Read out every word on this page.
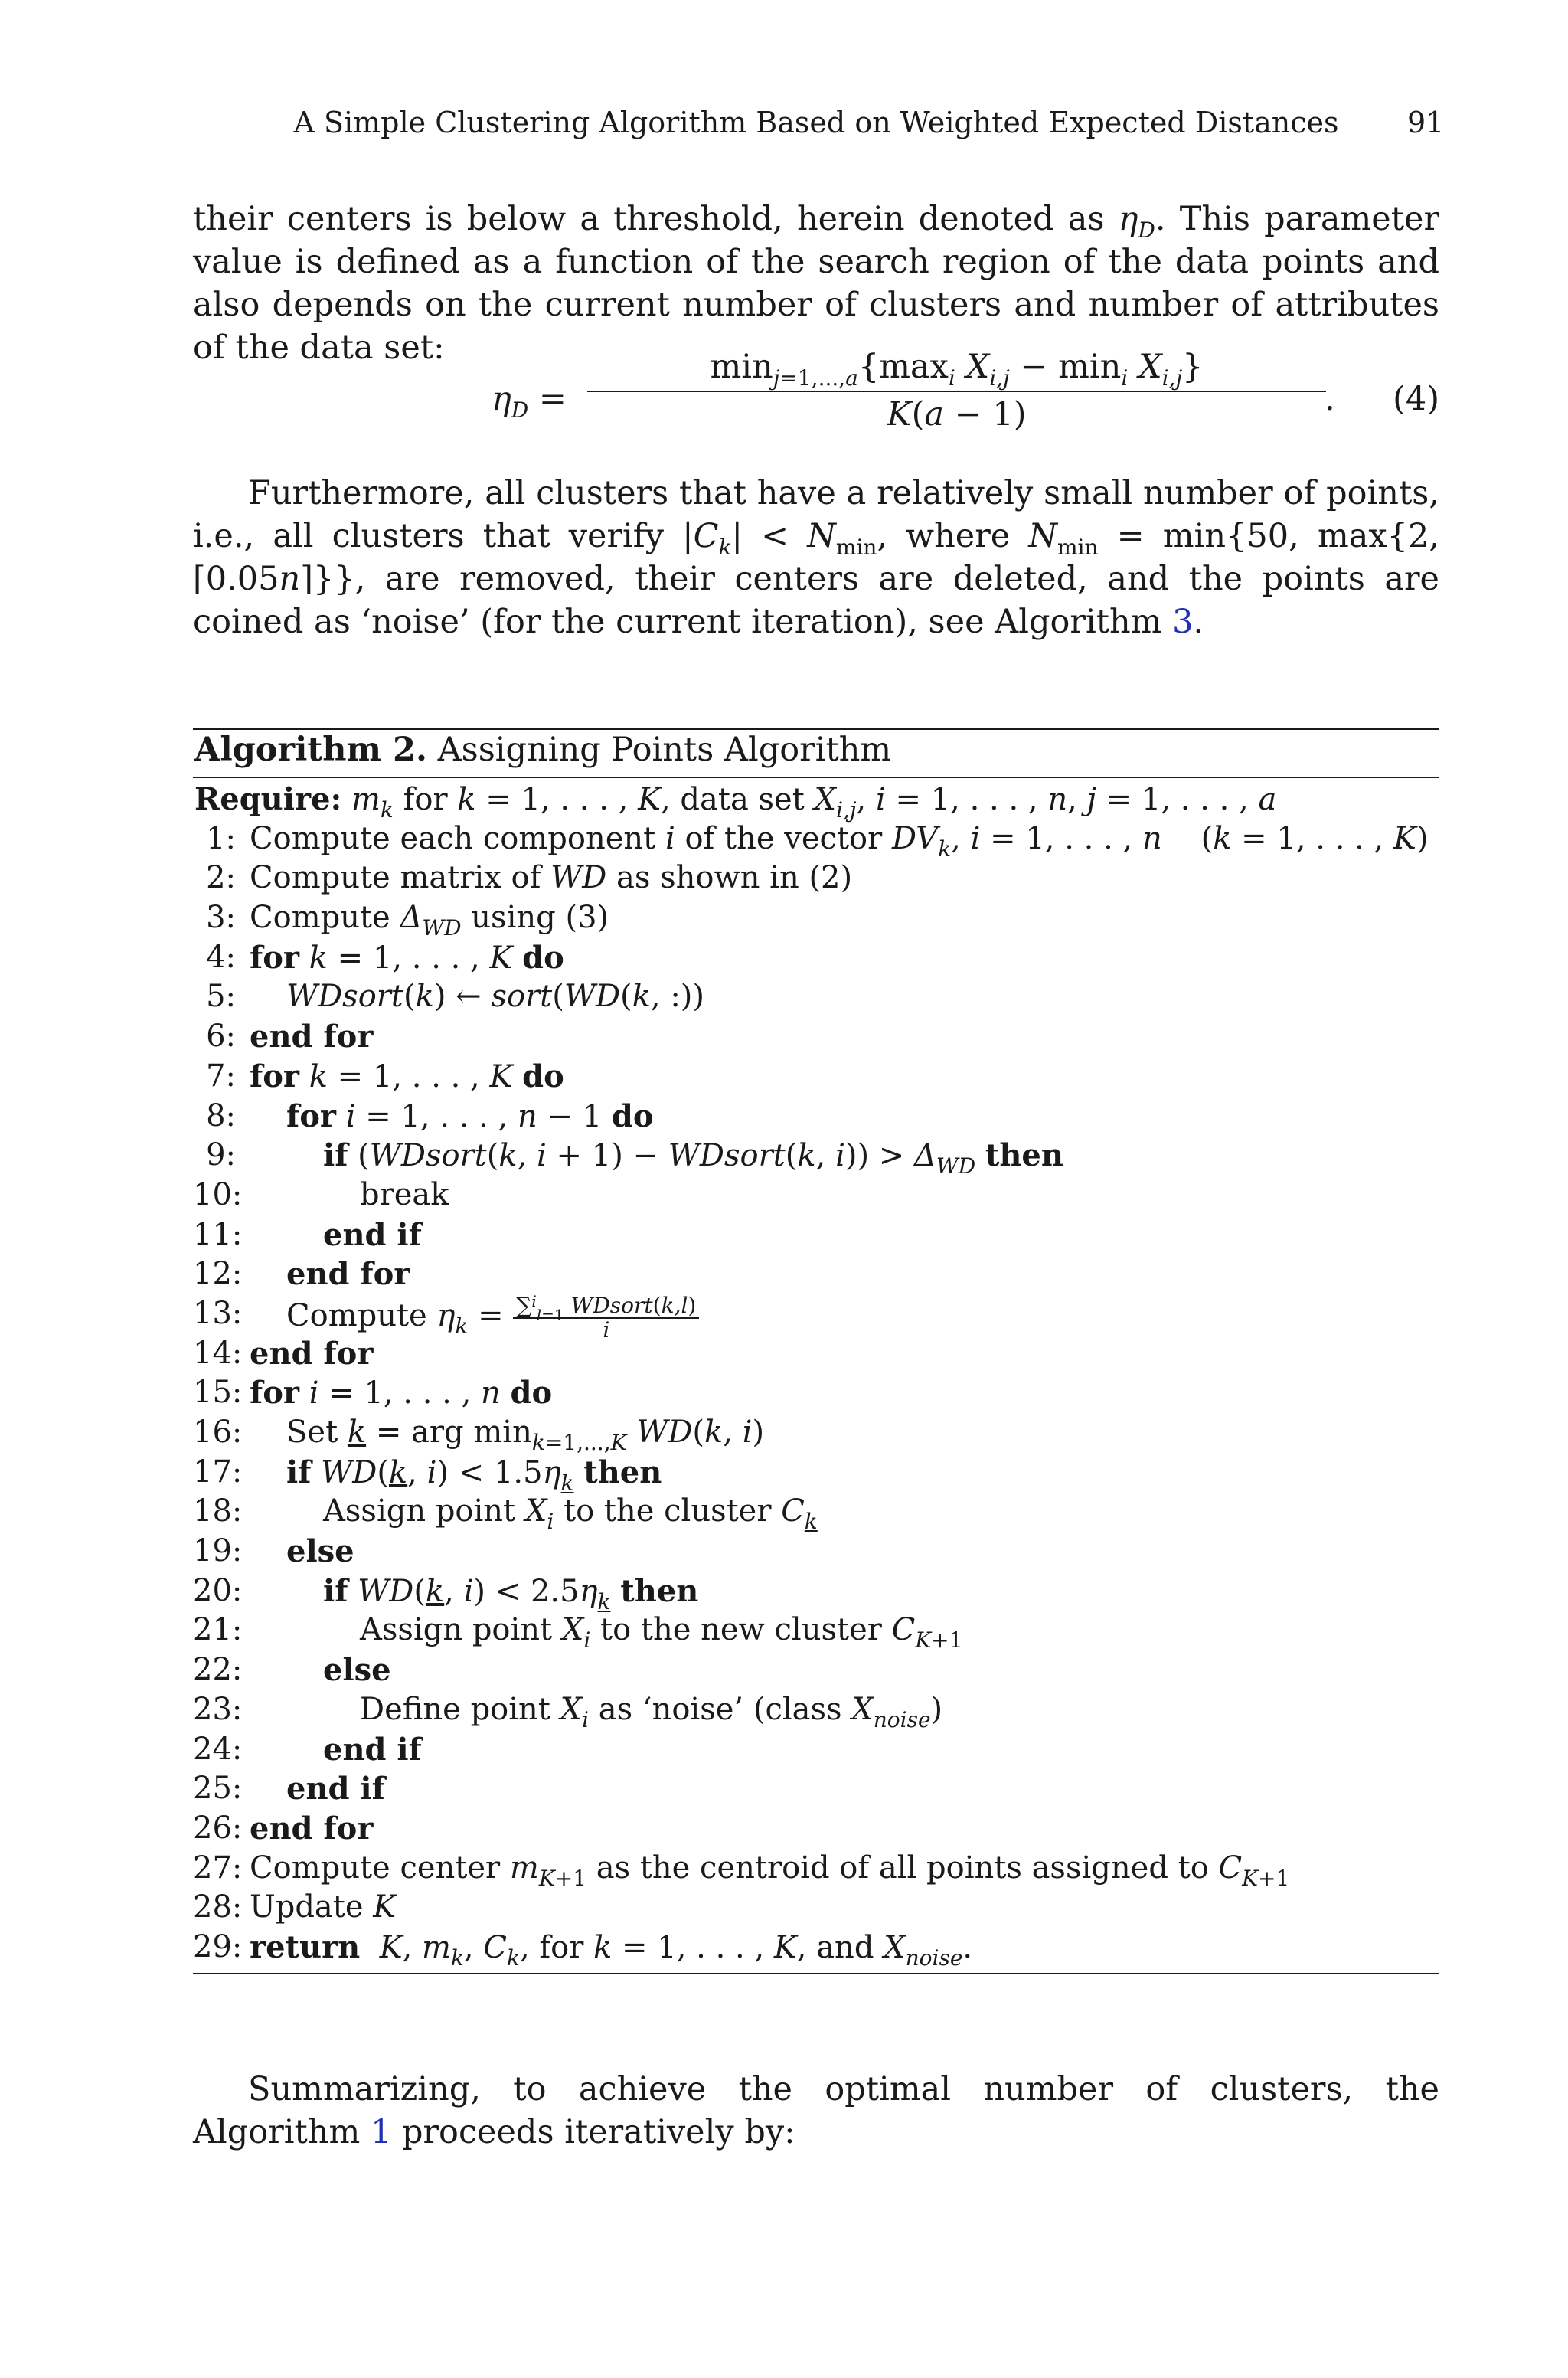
A Simple Clustering Algorithm Based on Weighted Expected Distances	91
their centers is below a threshold, herein denoted as $\eta_D$. This parameter value is defined as a function of the search region of the data points and also depends on the current number of clusters and number of attributes of the data set:
$\eta_D$ =
$\min_{j=1,...,a}\{\max_i$ $X_{i,j} - \min_i X_{i,j}$}
K(a − 1)	. (4)
Furthermore, all clusters that have a relatively small number of points, i.e., all clusters that verify $|C_k| < N_{min}$, where $N_{min} = \min\{50$, max{2, ⌈0.05n⌉}}, are removed, their centers are deleted, and the points are coined as ‘noise’ (for the current iteration), see Algorithm 3.
Algorithm 2. Assigning Points Algorithm
Require: $m_k$ for k = 1, . . . , K, data set $X_{i,j}$, i = 1, . . . , n, j = 1, . . . , a
1: Compute each component i of the vector $DV_k$, i = 1, . . . , n    (k = 1, . . . , K)
2: Compute matrix of WD as shown in (2)
3: Compute $\Delta_{WD}$ using (3)
4: for k = 1, . . . , K do
5: WDsort(k) ← sort(WD(k, :))
6: end for
7: for k = 1, . . . , K do
8: for i = 1, . . . , n − 1 do
9:	if (WDsort(k, i + 1) − WDsort(k, $i)) > \Delta_{WD}$ then
10:	break
11:	end if
12: end for
13: Compute $\eta_k = \frac{\sum^i_{l=1} WDsort(k,l)}{i}$
14: end for
15: for i = 1, . . . , n do
16: Set k = arg $\min_{k=1,...,K} WD(k$, i)
17: if WD(k, $i) < 1.5\eta_k$ then
18:	Assign point $X_i$ to the cluster $C_k$
19: else
20:	if WD(k, $i) < 2.5\eta_k$ then
21:	Assign point $X_i$ to the new cluster $C_{K+1}$
22:	else
23:	Define point $X_i$ as ‘noise’ (class $X_{noise}$)
24:	end if
25: end if
26: end for
27: Compute center $m_{K+1}$ as the centroid of all points assigned to $C_{K+1}$
28: Update K
29: return K, $m_k$, $C_k$, for k = 1, . . . , K, and $X_{noise}$.
Summarizing, to achieve the optimal number of clusters, the Algorithm 1 proceeds iteratively by:
